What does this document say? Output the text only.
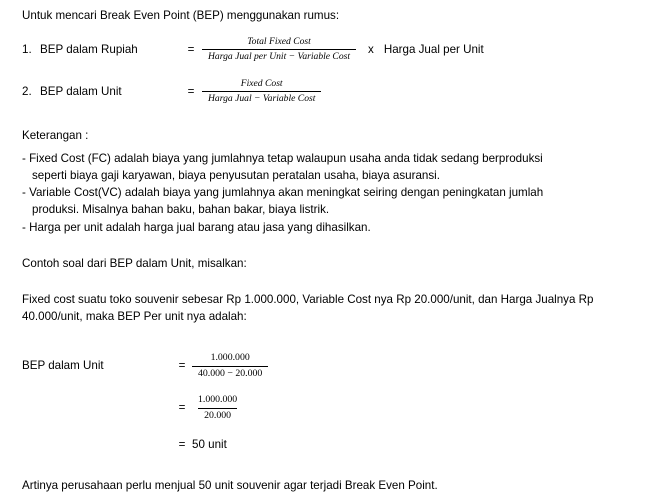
Untuk mencari Break Even Point (BEP) menggunakan rumus:
1. BEP dalam Rupiah	= $\frac{\text{Total Fixed Cost}}{\text{Harga Jual per Unit − Variable Cost}}$ x Harga Jual per Unit
2. BEP dalam Unit	= $\frac{\text{Fixed Cost}}{\text{Harga Jual − Variable Cost}}$
Keterangan :
- Fixed Cost (FC) adalah biaya yang jumlahnya tetap walaupun usaha anda tidak sedang berproduksi
seperti biaya gaji karyawan, biaya penyusutan peratalan usaha, biaya asuransi.
- Variable Cost(VC) adalah biaya yang jumlahnya akan meningkat seiring dengan peningkatan jumlah
produksi. Misalnya bahan baku, bahan bakar, biaya listrik.
- Harga per unit adalah harga jual barang atau jasa yang dihasilkan.
Contoh soal dari BEP dalam Unit, misalkan:
Fixed cost suatu toko souvenir sebesar Rp 1.000.000, Variable Cost nya Rp 20.000/unit, dan Harga Jualnya Rp 40.000/unit, maka BEP Per unit nya adalah:
BEP dalam Unit	= $\frac{1.000.000}{40.000 - 20.000}$
= $\frac{1.000.000}{20.000}$
= 50 unit
Artinya perusahaan perlu menjual 50 unit souvenir agar terjadi Break Even Point.
